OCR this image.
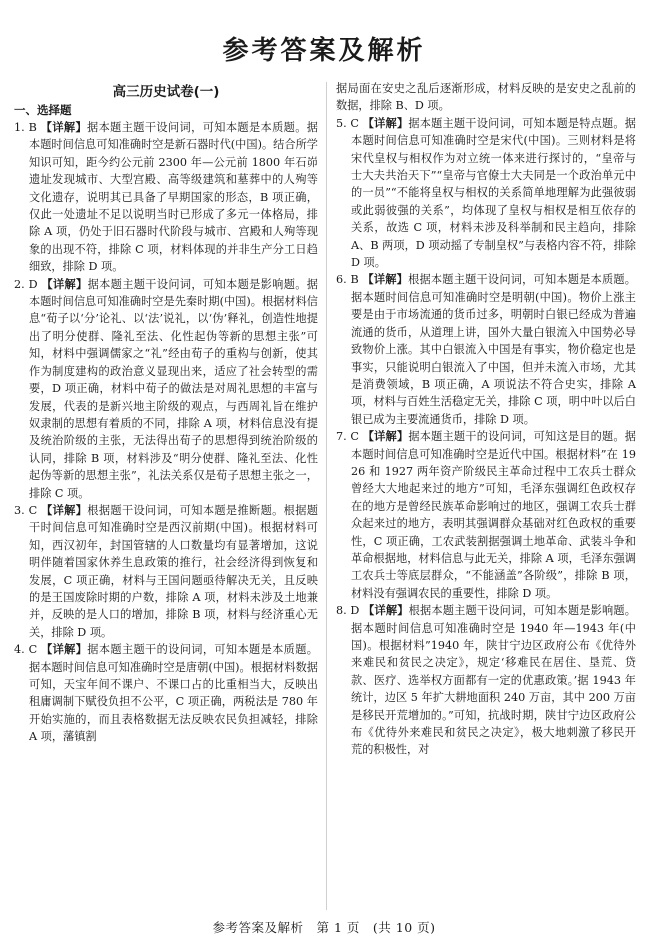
参考答案及解析
高三历史试卷(一)
一、选择题

1. B 【详解】据本题主题干设问词，可知本题是本质题。据本题时间信息可知准确时空是新石器时代(中国)。结合所学知识可知，距今约公元前 2300 年—公元前 1800 年石峁遗址发现城市、大型宫殿、高等级建筑和墓葬中的人殉等文化遗存，说明其已具备了早期国家的形态，B 项正确，仅此一处遗址不足以说明当时已形成了多元一体格局，排除 A 项，仍处于旧石器时代阶段与城市、宫殿和人殉等现象的出现不符，排除 C 项，材料体现的并非生产分工日趋细致，排除 D 项。

2. D 【详解】据本题主题干设问词，可知本题是影响题。据本题时间信息可知准确时空是先秦时期(中国)。根据材料信息“荀子以‘分’论礼、以‘法’说礼，以‘伪’释礼，创造性地提出了明分使群、隆礼至法、化性起伪等新的思想主张”可知，材料中强调儒家之“礼”经由荀子的重构与创新，使其作为制度建构的政治意义显现出来，适应了社会转型的需要，D 项正确，材料中荀子的做法是对周礼思想的丰富与发展，代表的是新兴地主阶级的观点，与西周礼旨在维护奴隶制的思想有着质的不同，排除 A 项，材料信息没有提及统治阶级的主张，无法得出荀子的思想得到统治阶级的认同，排除 B 项，材料涉及“明分使群、隆礼至法、化性起伪等新的思想主张”，礼法关系仅是荀子思想主张之一，排除 C 项。

3. C 【详解】根据题干设问词，可知本题是推断题。根据题干时间信息可知准确时空是西汉前期(中国)。根据材料可知，西汉初年，封国管辖的人口数量均有显著增加，这说明伴随着国家休养生息政策的推行，社会经济得到恢复和发展，C 项正确，材料与王国问题亟待解决无关，且反映的是王国废除时期的户数，排除 A 项，材料未涉及土地兼并，反映的是人口的增加，排除 B 项，材料与经济重心无关，排除 D 项。

4. C 【详解】据本题主题干的设问词，可知本题是本质题。据本题时间信息可知准确时空是唐朝(中国)。根据材料数据可知，天宝年间不课户、不课口占的比重相当大，反映出租庸调制下赋役负担不公平，C 项正确，两税法是 780 年开始实施的，而且表格数据无法反映农民负担减轻，排除 A 项，藩镇割

据局面在安史之乱后逐渐形成，材料反映的是安史之乱前的数据，排除 B、D 项。

5. C 【详解】据本题主题干设问词，可知本题是特点题。据本题时间信息可知准确时空是宋代(中国)。三则材料是将宋代皇权与相权作为对立统一体来进行探讨的，“皇帝与士大夫共治天下”“皇帝与官僚士大夫同是一个政治单元中的一员”“不能将皇权与相权的关系简单地理解为此强彼弱或此弱彼强的关系”，均体现了皇权与相权是相互依存的关系，故选 C 项，材料未涉及科举制和民主趋向，排除 A、B 两项，D 项动摇了专制皇权”与表格内容不符，排除 D 项。

6. B 【详解】根据本题主题干设问词，可知本题是本质题。据本题时间信息可知准确时空是明朝(中国)。物价上涨主要是由于市场流通的货币过多，明朝时白银已经成为普遍流通的货币，从道理上讲，国外大量白银流入中国势必导致物价上涨。其中白银流入中国是有事实，物价稳定也是事实，只能说明白银流入了中国，但并未流入市场，尤其是消费领域，B 项正确，A 项说法不符合史实，排除 A 项，材料与百姓生活稳定无关，排除 C 项，明中叶以后白银已成为主要流通货币，排除 D 项。

7. C 【详解】据本题主题干的设问词，可知这是目的题。据本题时间信息可知准确时空是近代中国。根据材料”在 1926 和 1927 两年资产阶级民主革命过程中工农兵士群众曾经大大地起来过的地方”可知，毛泽东强调红色政权存在的地方是曾经民族革命影响过的地区，强调工农兵士群众起来过的地方，表明其强调群众基础对红色政权的重要性，C 项正确，工农武装割据强调土地革命、武装斗争和革命根据地，材料信息与此无关，排除 A 项，毛泽东强调工农兵士等底层群众，“不能涵盖”各阶级”，排除 B 项，材料没有强调农民的重要性，排除 D 项。

8. D 【详解】根据本题主题干设问词，可知本题是影响题。据本题时间信息可知准确时空是 1940 年—1943 年(中国)。根据材料”1940 年，陕甘宁边区政府公布《优待外来难民和贫民之决定》，规定‘移难民在居住、垦荒、贷款、医疗、选举权方面都有一定的优惠政策。’据 1943 年统计，边区 5 年扩大耕地面积 240 万亩，其中 200 万亩是移民开荒增加的。”可知，抗战时期，陕甘宁边区政府公布《优待外来难民和贫民之决定》，极大地刺激了移民开荒的积极性，对

参考答案及解析　第 1 页　(共 10 页)
